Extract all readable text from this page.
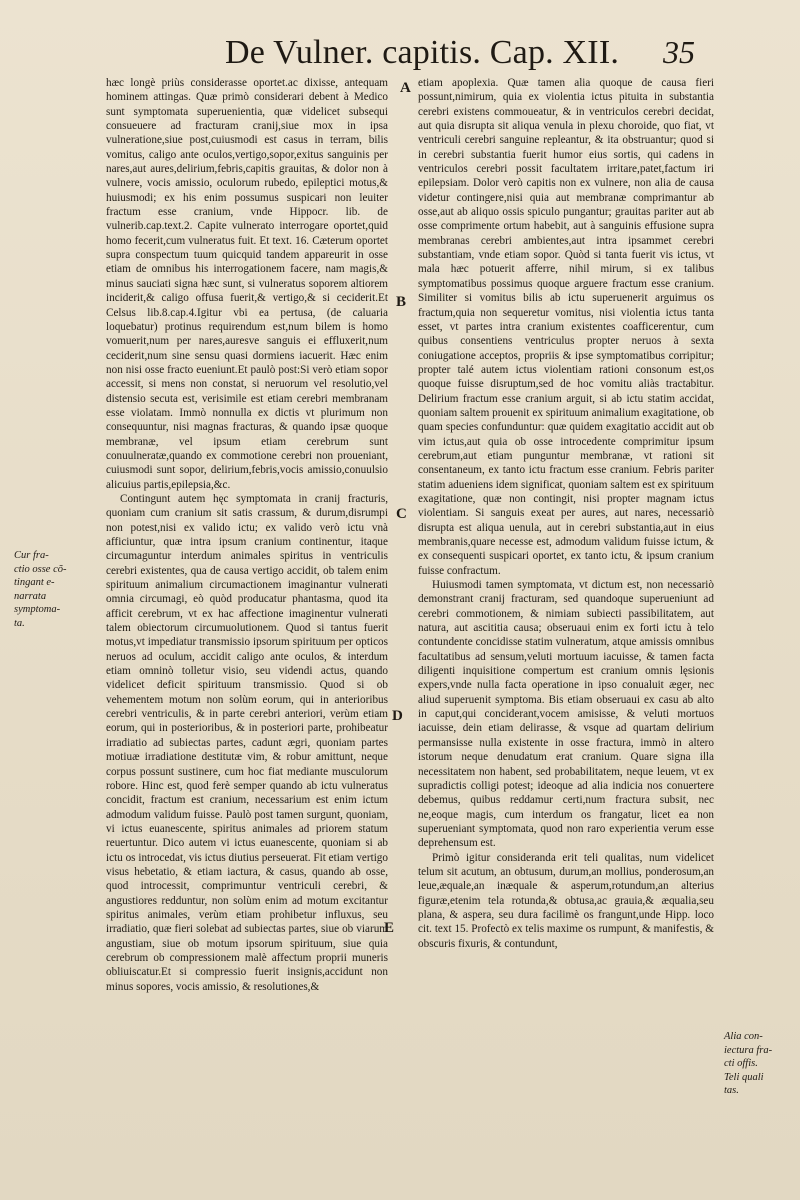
De Vulner. capitis. Cap. XII. 35
Cur fra-
ctio osse cõ-
tingant e-
narrata
symptoma-
ta.

hæc longè priùs considerasse oportet.ac dixisse, antequam hominem attingas. Quæ primò considerari debent à Medico sunt symptomata superuenientia, quæ videlicet subsequi consueuere ad fracturam cranij,siue mox in ipsa vulneratione,siue post,cuiusmodi est casus in terram, bilis vomitus, caligo ante oculos,vertigo,sopor,exitus sanguinis per nares,aut aures,delirium,febris,capitis grauitas, & dolor non à vulnere, vocis amissio, oculorum rubedo, epileptici motus,& huiusmodi; ex his enim possumus suspicari non leuiter fractum esse cranium, vnde Hippocr. lib. de vulnerib.cap.text.2. Capite vulnerato interrogare oportet,quid homo fecerit,cum vulneratus fuit. Et text. 16. Cæterum oportet supra conspectum tuum quicquid tandem appareurit in osse etiam de omnibus his interrogationem facere, nam magis,& minus sauciati signa hæc sunt, si vulneratus soporem altiorem inciderit,& caligo offusa fuerit,& vertigo,& si ceciderit.Et Celsus lib.8.cap.4.Igitur vbi ea pertusa, (de caluaria loquebatur) protinus requirendum est,num bilem is homo vomuerit,num per nares,auresve sanguis ei effluxerit,num ceciderit,num sine sensu quasi dormiens iacuerit. Hæc enim non nisi osse fracto eueniunt.Et paulò post:Si verò etiam sopor accessit, si mens non constat, si neruorum vel resolutio,vel distensio secuta est, verisimile est etiam cerebri membranam esse violatam. Immò nonnulla ex dictis vt plurimum non consequuntur, nisi magnas fracturas, & quando ipsæ quoque membranæ, vel ipsum etiam cerebrum sunt conuulneratæ,quando ex commotione cerebri non proueniant, cuiusmodi sunt sopor, delirium,febris,vocis amissio,conuulsio alicuius partis,epilepsia,&c.

Contingunt autem hęc symptomata in cranij fracturis, quoniam cum cranium sit satis crassum, & durum,disrumpi non potest,nisi ex valido ictu; ex valido verò ictu vnà afficiuntur, quæ intra ipsum cranium continentur, itaque circumaguntur interdum animales spiritus in ventriculis cerebri existentes, qua de causa vertigo accidit, ob talem enim spirituum animalium circumactionem imaginantur vulnerati omnia circumagi, eò quòd producatur phantasma, quod ita afficit cerebrum, vt ex hac affectione imaginentur vulnerati talem obiectorum circumuolutionem. Quod si tantus fuerit motus,vt impediatur transmissio ipsorum spirituum per opticos neruos ad oculum, accidit caligo ante oculos, & interdum etiam omninò tolletur visio, seu videndi actus, quando videlicet deficit spirituum transmissio. Quod si ob vehementem motum non solùm eorum, qui in anterioribus cerebri ventriculis, & in parte cerebri anteriori, verùm etiam eorum, qui in posterioribus, & in posteriori parte, prohibeatur irradiatio ad subiectas partes, cadunt ægri, quoniam partes motiuæ irradiatione destitutæ vim, & robur amittunt, neque corpus possunt sustinere, cum hoc fiat mediante musculorum robore. Hinc est, quod ferè semper quando ab ictu vulneratus concidit, fractum est cranium, necessarium est enim ictum admodum validum fuisse. Paulò post tamen surgunt, quoniam, vi ictus euanescente, spiritus animales ad priorem statum reuertuntur. Dico autem vi ictus euanescente, quoniam si ab ictu os introcedat, vis ictus diutius perseuerat. Fit etiam vertigo visus hebetatio, & etiam iactura, & casus, quando ab osse, quod introcessit, comprimuntur ventriculi cerebri, & angustiores redduntur, non solùm enim ad motum excitantur spiritus animales, verùm etiam prohibetur influxus, seu irradiatio, quæ fieri solebat ad subiectas partes, siue ob viarum angustiam, siue ob motum ipsorum spirituum, siue quia cerebrum ob compressionem malè affectum proprii muneris obliuiscatur.Et si compressio fuerit insignis,accidunt non minus sopores, vocis amissio, & resolutiones,&

A
B
C
D
E

etiam apoplexia. Quæ tamen alia quoque de causa fieri possunt,nimirum, quia ex violentia ictus pituita in substantia cerebri existens commoueatur, & in ventriculos cerebri decidat, aut quia disrupta sit aliqua venula in plexu choroide, quo fiat, vt ventriculi cerebri sanguine repleantur, & ita obstruantur; quod si in cerebri substantia fuerit humor eius sortis, qui cadens in ventriculos cerebri possit facultatem irritare,patet,factum iri epilepsiam. Dolor verò capitis non ex vulnere, non alia de causa videtur contingere,nisi quia aut membranæ comprimantur ab osse,aut ab aliquo ossis spiculo pungantur; grauitas pariter aut ab osse comprimente ortum habebit, aut à sanguinis effusione supra membranas cerebri ambientes,aut intra ipsammet cerebri substantiam, vnde etiam sopor. Quòd si tanta fuerit vis ictus, vt mala hæc potuerit afferre, nihil mirum, si ex talibus symptomatibus possimus quoque arguere fractum esse cranium. Similiter si vomitus bilis ab ictu superuenerit arguimus os fractum,quia non sequeretur vomitus, nisi violentia ictus tanta esset, vt partes intra cranium existentes coafficerentur, cum quibus consentiens ventriculus propter neruos à sexta coniugatione acceptos, propriis & ipse symptomatibus corripitur; propter talé autem ictus violentiam rationi consonum est,os quoque fuisse disruptum,sed de hoc vomitu aliàs tractabitur. Delirium fractum esse cranium arguit, si ab ictu statim accidat, quoniam saltem prouenit ex spirituum animalium exagitatione, ob quam species confunduntur: quæ quidem exagitatio accidit aut ob vim ictus,aut quia ob osse introcedente comprimitur ipsum cerebrum,aut etiam punguntur membranæ, vt rationi sit consentaneum, ex tanto ictu fractum esse cranium. Febris pariter statim adueniens idem significat, quoniam saltem est ex spirituum exagitatione, quæ non contingit, nisi propter magnam ictus violentiam. Si sanguis exeat per aures, aut nares, necessariò disrupta est aliqua uenula, aut in cerebri substantia,aut in eius membranis,quare necesse est, admodum validum fuisse ictum, & ex consequenti suspicari oportet, ex tanto ictu, & ipsum cranium fuisse confractum.

Huiusmodi tamen symptomata, vt dictum est, non necessariò demonstrant cranij fracturam, sed quandoque superueniunt ad cerebri commotionem, & nimiam subiecti passibilitatem, aut natura, aut ascititia causa; obseruaui enim ex forti ictu à telo contundente concidisse statim vulneratum, atque amissis omnibus facultatibus ad sensum,veluti mortuum iacuisse, & tamen facta diligenti inquisitione compertum est cranium omnis lęsionis expers,vnde nulla facta operatione in ipso conualuit æger, nec aliud superuenit symptoma. Bis etiam obseruaui ex casu ab alto in caput,qui conciderant,vocem amisisse, & veluti mortuos iacuisse, dein etiam delirasse, & vsque ad quartam delirium permansisse nulla existente in osse fractura, immò in altero istorum neque denudatum erat cranium. Quare signa illa necessitatem non habent, sed probabilitatem, neque leuem, vt ex supradictis colligi potest; ideoque ad alia indicia nos conuertere debemus, quibus reddamur certi,num fractura subsit, nec ne,eoque magis, cum interdum os frangatur, licet ea non superueniant symptomata, quod non raro experientia verum esse deprehensum est.

Primò igitur consideranda erit teli qualitas, num videlicet telum sit acutum, an obtusum, durum,an mollius, ponderosum,an leue,æquale,an inæquale & asperum,rotundum,an alterius figuræ,etenim tela rotunda,& obtusa,ac grauia,& æqualia,seu plana, & aspera, seu dura facilimè os frangunt,unde Hipp. loco cit. text 15. Profectò ex telis maxime os rumpunt, & manifestis, & obscuris fixuris, & contundunt,

Alia con-
iectura fra-
cti offis.
Teli quali
tas.
